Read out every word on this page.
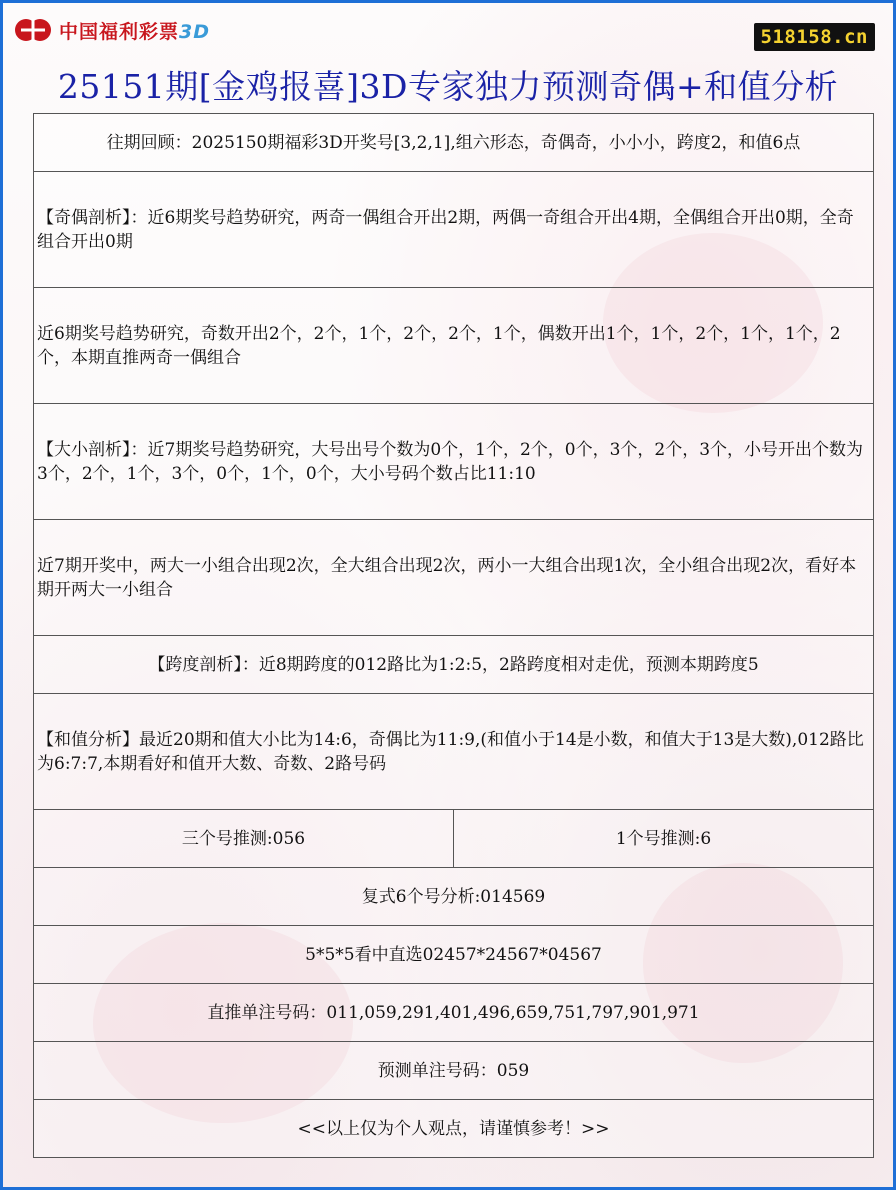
中国福利彩票3D	518158.cn
25151期[金鸡报喜]3D专家独力预测奇偶+和值分析
往期回顾：2025150期福彩3D开奖号[3,2,1],组六形态，奇偶奇，小小小，跨度2，和值6点
【奇偶剖析】：近6期奖号趋势研究，两奇一偶组合开出2期，两偶一奇组合开出4期，全偶组合开出0期，全奇组合开出0期
近6期奖号趋势研究，奇数开出2个，2个，1个，2个，2个，1个，偶数开出1个，1个，2个，1个，1个，2个，本期直推两奇一偶组合
【大小剖析】：近7期奖号趋势研究，大号出号个数为0个，1个，2个，0个，3个，2个，3个，小号开出个数为3个，2个，1个，3个，0个，1个，0个，大小号码个数占比11:10
近7期开奖中，两大一小组合出现2次，全大组合出现2次，两小一大组合出现1次，全小组合出现2次，看好本期开两大一小组合
【跨度剖析】：近8期跨度的012路比为1:2:5，2路跨度相对走优，预测本期跨度5
【和值分析】最近20期和值大小比为14:6，奇偶比为11:9,(和值小于14是小数，和值大于13是大数),012路比为6:7:7,本期看好和值开大数、奇数、2路号码
三个号推测:056	1个号推测:6
复式6个号分析:014569
5*5*5看中直选02457*24567*04567
直推单注号码：011,059,291,401,496,659,751,797,901,971
预测单注号码：059
<<以上仅为个人观点，请谨慎参考！>>
